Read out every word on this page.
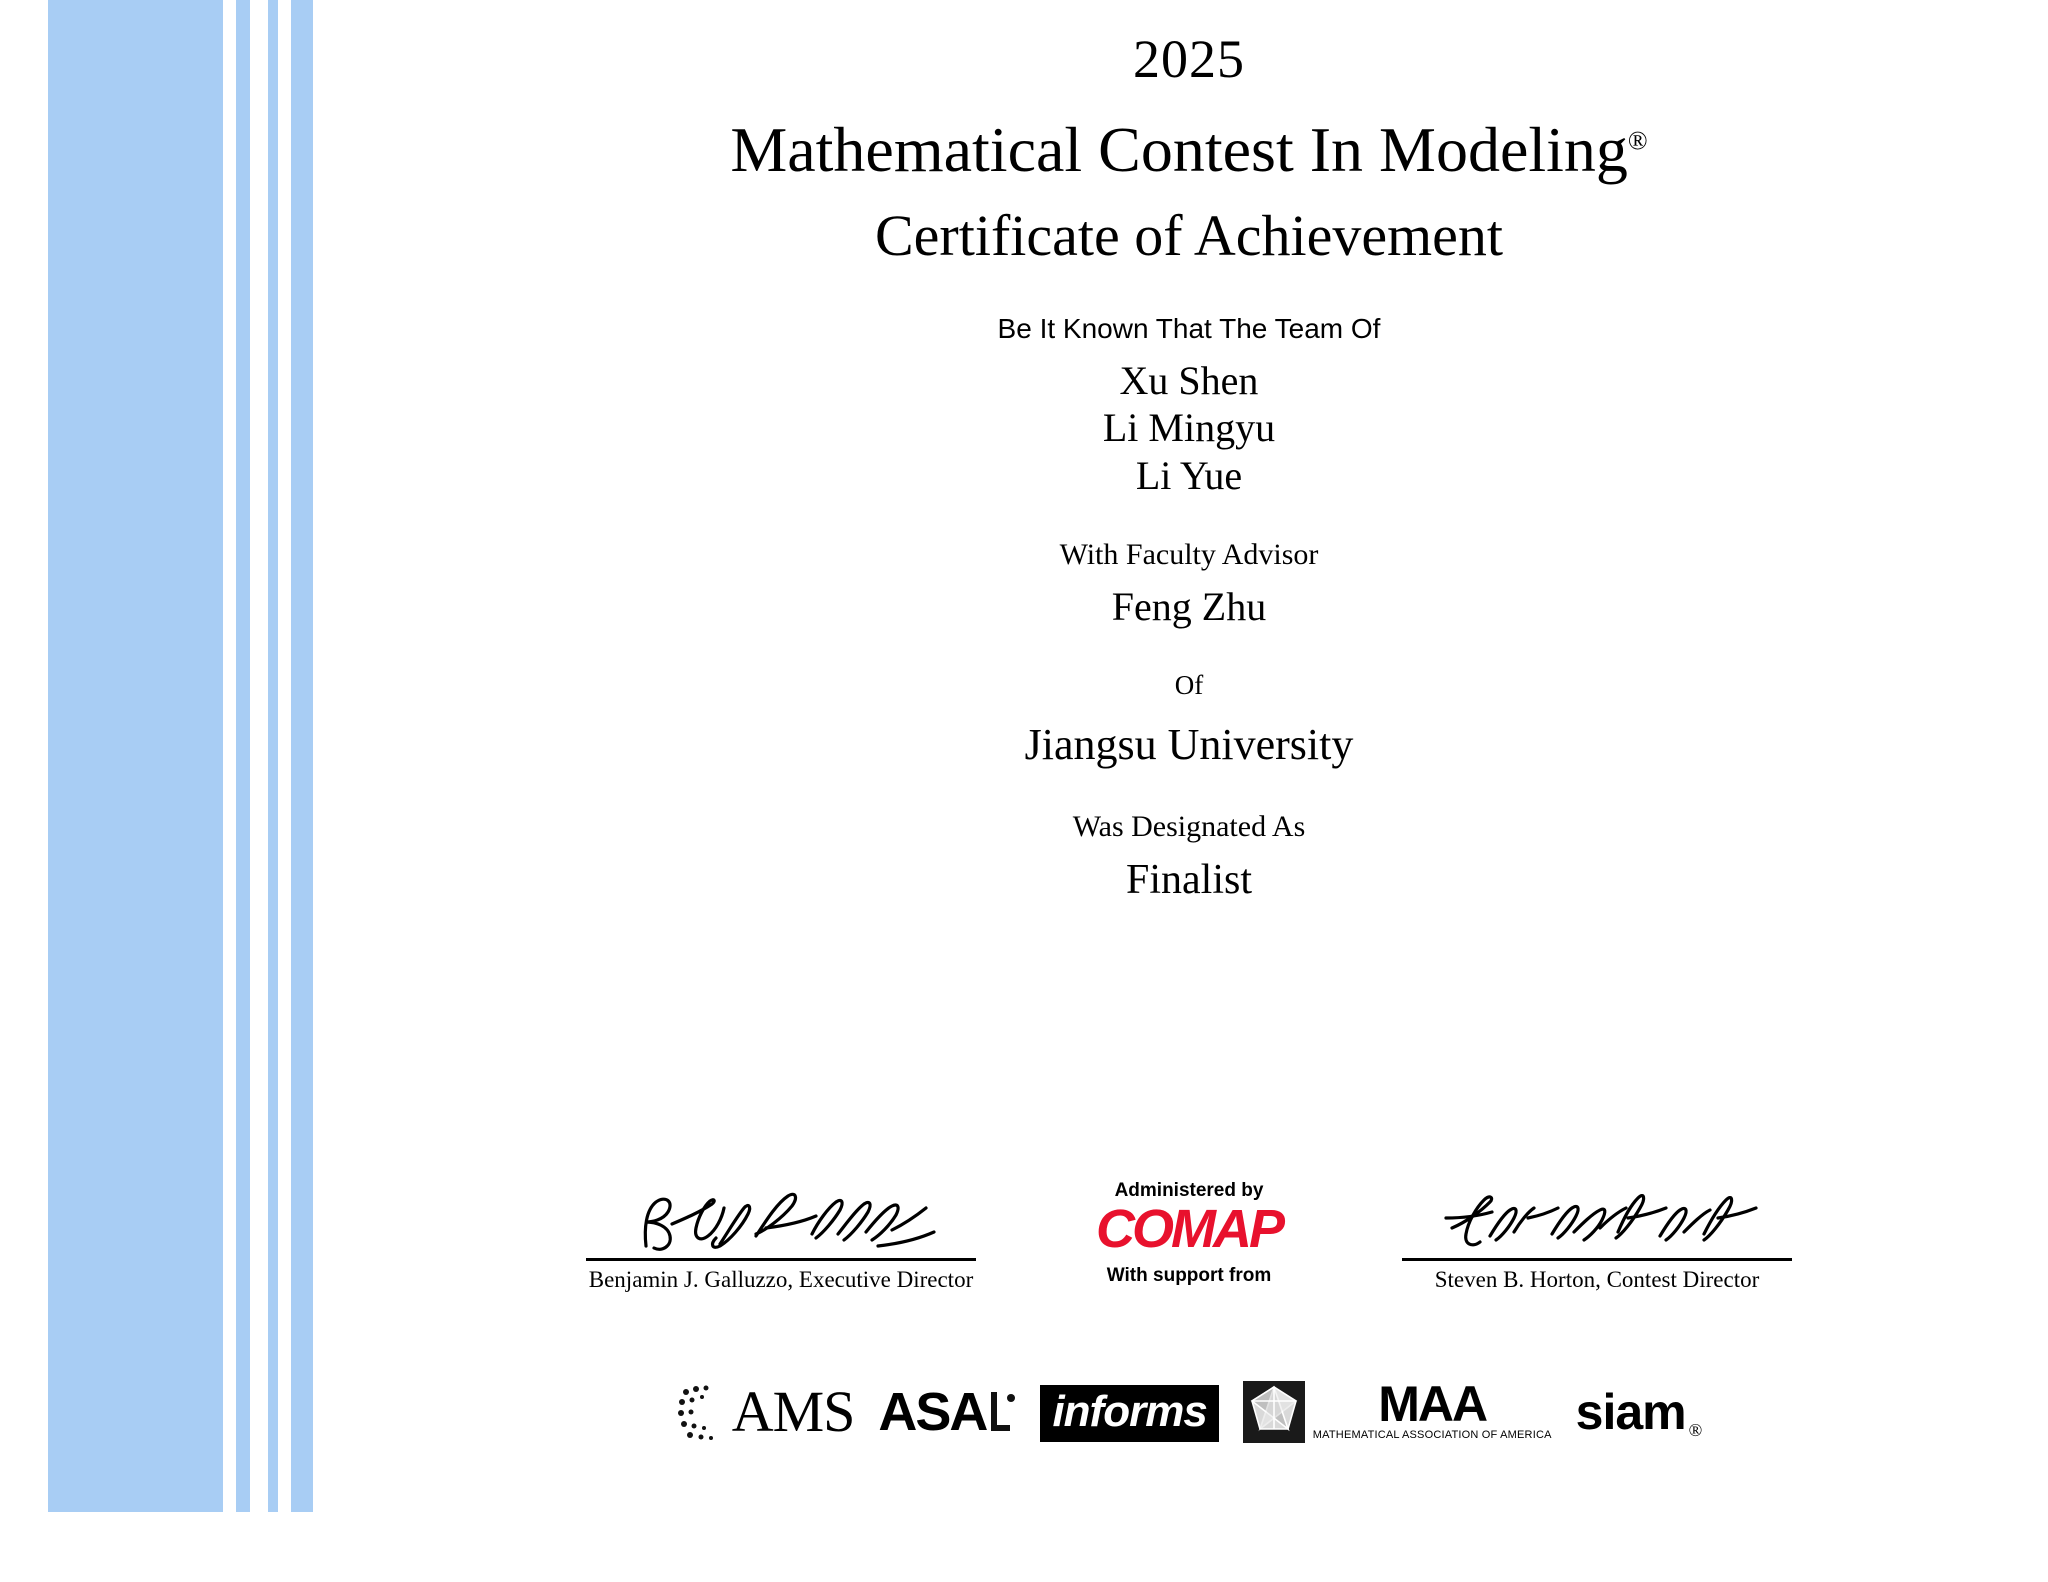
2025
Mathematical Contest In Modeling®
Certificate of Achievement
Be It Known That The Team Of
Xu Shen
Li Mingyu
Li Yue
With Faculty Advisor
Feng Zhu
Of
Jiangsu University
Was Designated As
Finalist
Benjamin J. Galluzzo, Executive Director
Administered by
COMAP
With support from	Steven B. Horton, Contest Director
AMS ASA informs	MAA
MATHEMATICAL ASSOCIATION OF AMERICA siam ®
